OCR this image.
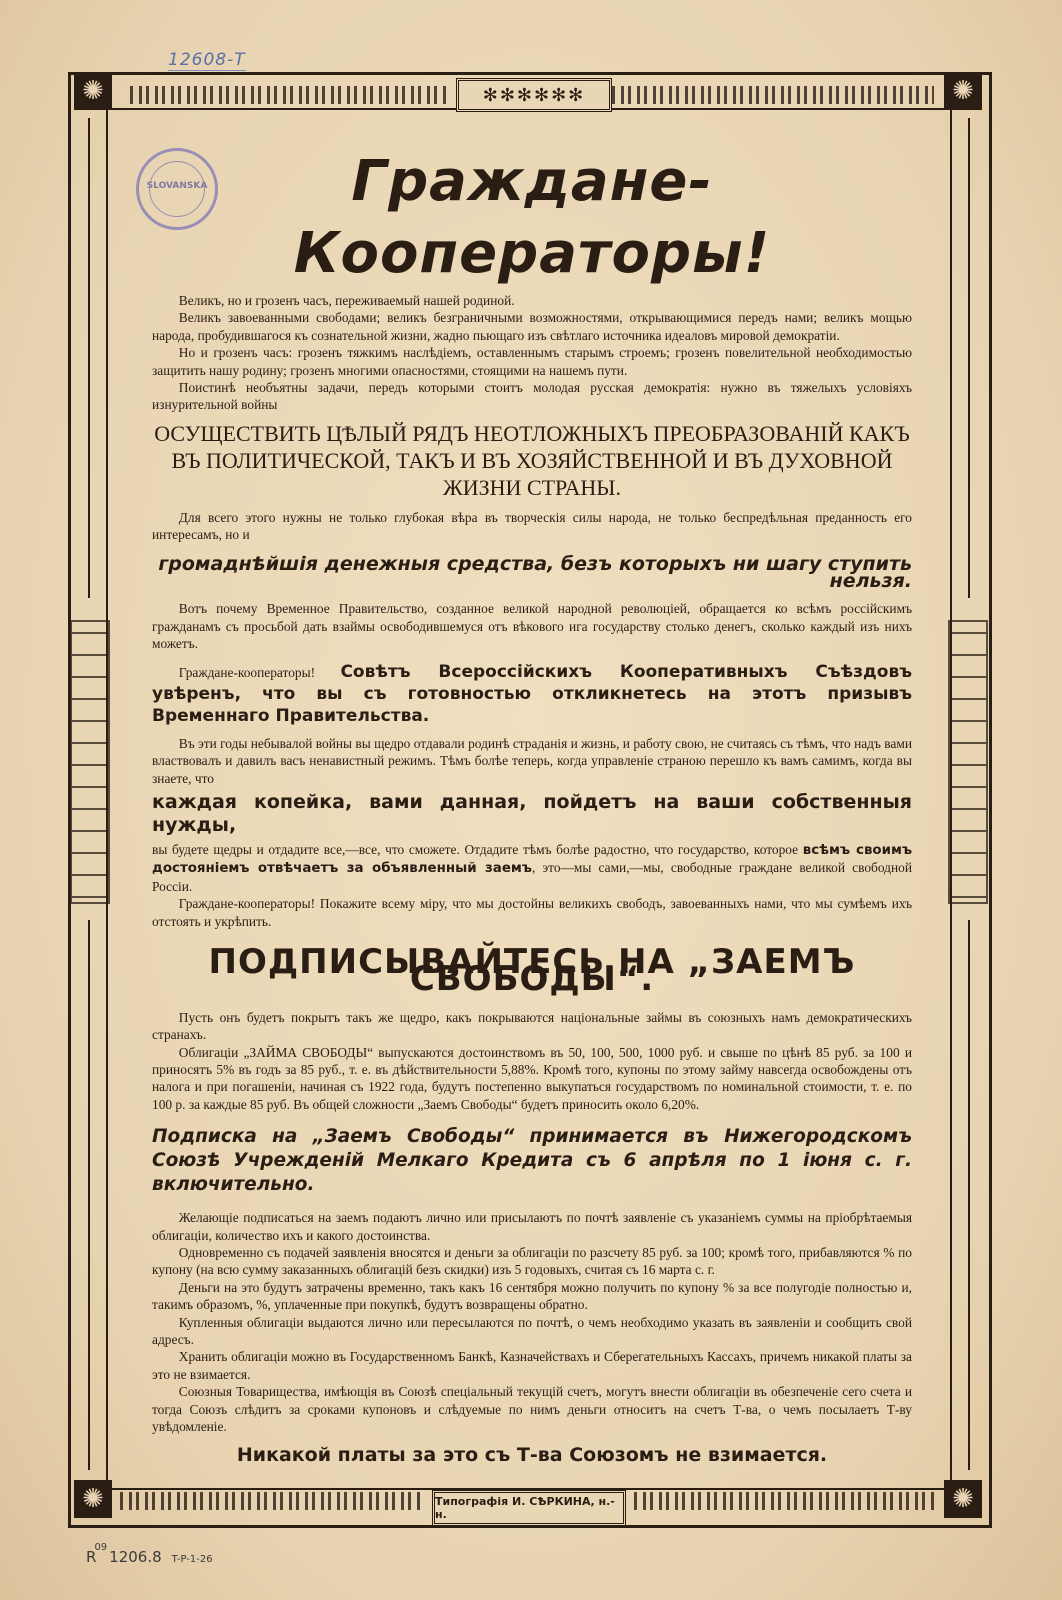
12608-Т
SLOVANSKA
✺	✺
✺	✺
✻✻✻✻✻✻
Граждане-Кооператоры!

Великъ, но и грозенъ часъ, переживаемый нашей родиной.

Великъ завоеванными свободами; великъ безграничными возможностями, открывающимися передъ нами; великъ мощью народа, пробудившагося къ сознательной жизни, жадно пьющаго изъ свѣтлаго источника идеаловъ мировой демократіи.

Но и грозенъ часъ: грозенъ тяжкимъ наслѣдіемъ, оставленнымъ старымъ строемъ; грозенъ повелительной необходимостью защитить нашу родину; грозенъ многими опасностями, стоящими на нашемъ пути.

Поистинѣ необъятны задачи, передъ которыми стоитъ молодая русская демократія: нужно въ тяжелыхъ условіяхъ изнурительной войны

ОСУЩЕСТВИТЬ ЦѢЛЫЙ РЯДЪ НЕОТЛОЖНЫХЪ ПРЕОБРАЗОВАНІЙ КАКЪ ВЪ ПОЛИТИЧЕСКОЙ, ТАКЪ И ВЪ ХОЗЯЙСТВЕННОЙ И ВЪ ДУХОВНОЙ ЖИЗНИ СТРАНЫ.

Для всего этого нужны не только глубокая вѣра въ творческія силы народа, не только беспредѣльная преданность его интересамъ, но и

громаднѣйшія денежныя средства, безъ которыхъ ни шагу ступить нельзя.

Вотъ почему Временное Правительство, созданное великой народной революціей, обращается ко всѣмъ россійскимъ гражданамъ съ просьбой дать взаймы освободившемуся отъ вѣкового ига государству столько денегъ, сколько каждый изъ нихъ можетъ.

Граждане-кооператоры! Совѣтъ Всероссійскихъ Кооперативныхъ Съѣздовъ увѣренъ, что вы съ готовностью откликнетесь на этотъ призывъ Временнаго Правительства.

Въ эти годы небывалой войны вы щедро отдавали родинѣ страданія и жизнь, и работу свою, не считаясь съ тѣмъ, что надъ вами властвовалъ и давилъ васъ ненавистный режимъ. Тѣмъ болѣе теперь, когда управленіе страною перешло къ вамъ самимъ, когда вы знаете, что

каждая копейка, вами данная, пойдетъ на ваши собственныя нужды,

вы будете щедры и отдадите все,—все, что сможете. Отдадите тѣмъ болѣе радостно, что государство, которое всѣмъ своимъ достояніемъ отвѣчаетъ за объявленный заемъ, это—мы сами,—мы, свободные граждане великой свободной Россіи.

Граждане-кооператоры! Покажите всему міру, что мы достойны великихъ свободъ, завоеванныхъ нами, что мы сумѣемъ ихъ отстоять и укрѣпить.

ПОДПИСЫВАЙТЕСЬ НА „ЗАЕМЪ СВОБОДЫ“.

Пусть онъ будетъ покрытъ такъ же щедро, какъ покрываются національные займы въ союзныхъ намъ демократическихъ странахъ.

Облигаціи „ЗАЙМА СВОБОДЫ“ выпускаются достоинствомъ въ 50, 100, 500, 1000 руб. и свыше по цѣнѣ 85 руб. за 100 и приносятъ 5% въ годъ за 85 руб., т. е. въ дѣйствительности 5,88%. Кромѣ того, купоны по этому займу навсегда освобождены отъ налога и при погашеніи, начиная съ 1922 года, будутъ постепенно выкупаться государствомъ по номинальной стоимости, т. е. по 100 р. за каждые 85 руб. Въ общей сложности „Заемъ Свободы“ будетъ приносить около 6,20%.

Подписка на „Заемъ Свободы“ принимается въ Нижегородскомъ Союзѣ Учрежденій Мелкаго Кредита съ 6 апрѣля по 1 іюня с. г. включительно.

Желающіе подписаться на заемъ подаютъ лично или присылаютъ по почтѣ заявленіе съ указаніемъ суммы на пріобрѣтаемыя облигаціи, количество ихъ и какого достоинства.

Одновременно съ подачей заявленія вносятся и деньги за облигаціи по разсчету 85 руб. за 100; кромѣ того, прибавляются % по купону (на всю сумму заказанныхъ облигацій безъ скидки) изъ 5 годовыхъ, считая съ 16 марта с. г.

Деньги на это будутъ затрачены временно, такъ какъ 16 сентября можно получить по купону % за все полугодіе полностью и, такимъ образомъ, %, уплаченные при покупкѣ, будутъ возвращены обратно.

Купленныя облигаціи выдаются лично или пересылаются по почтѣ, о чемъ необходимо указать въ заявленіи и сообщить свой адресъ.

Хранить облигаціи можно въ Государственномъ Банкѣ, Казначействахъ и Сберегательныхъ Кассахъ, причемъ никакой платы за это не взимается.

Союзныя Товарищества, имѣющія въ Союзѣ спеціальный текущій счетъ, могутъ внести облигаціи въ обезпеченіе сего счета и тогда Союзъ слѣдитъ за сроками купоновъ и слѣдуемые по нимъ деньги относитъ на счетъ Т-ва, о чемъ посылаетъ Т-ву увѣдомленіе.

Никакой платы за это съ Т-ва Союзомъ не взимается.
Типографія И. СѢРКИНА, н.-н.
$R^{09}1206.8$ T-P-1-26
